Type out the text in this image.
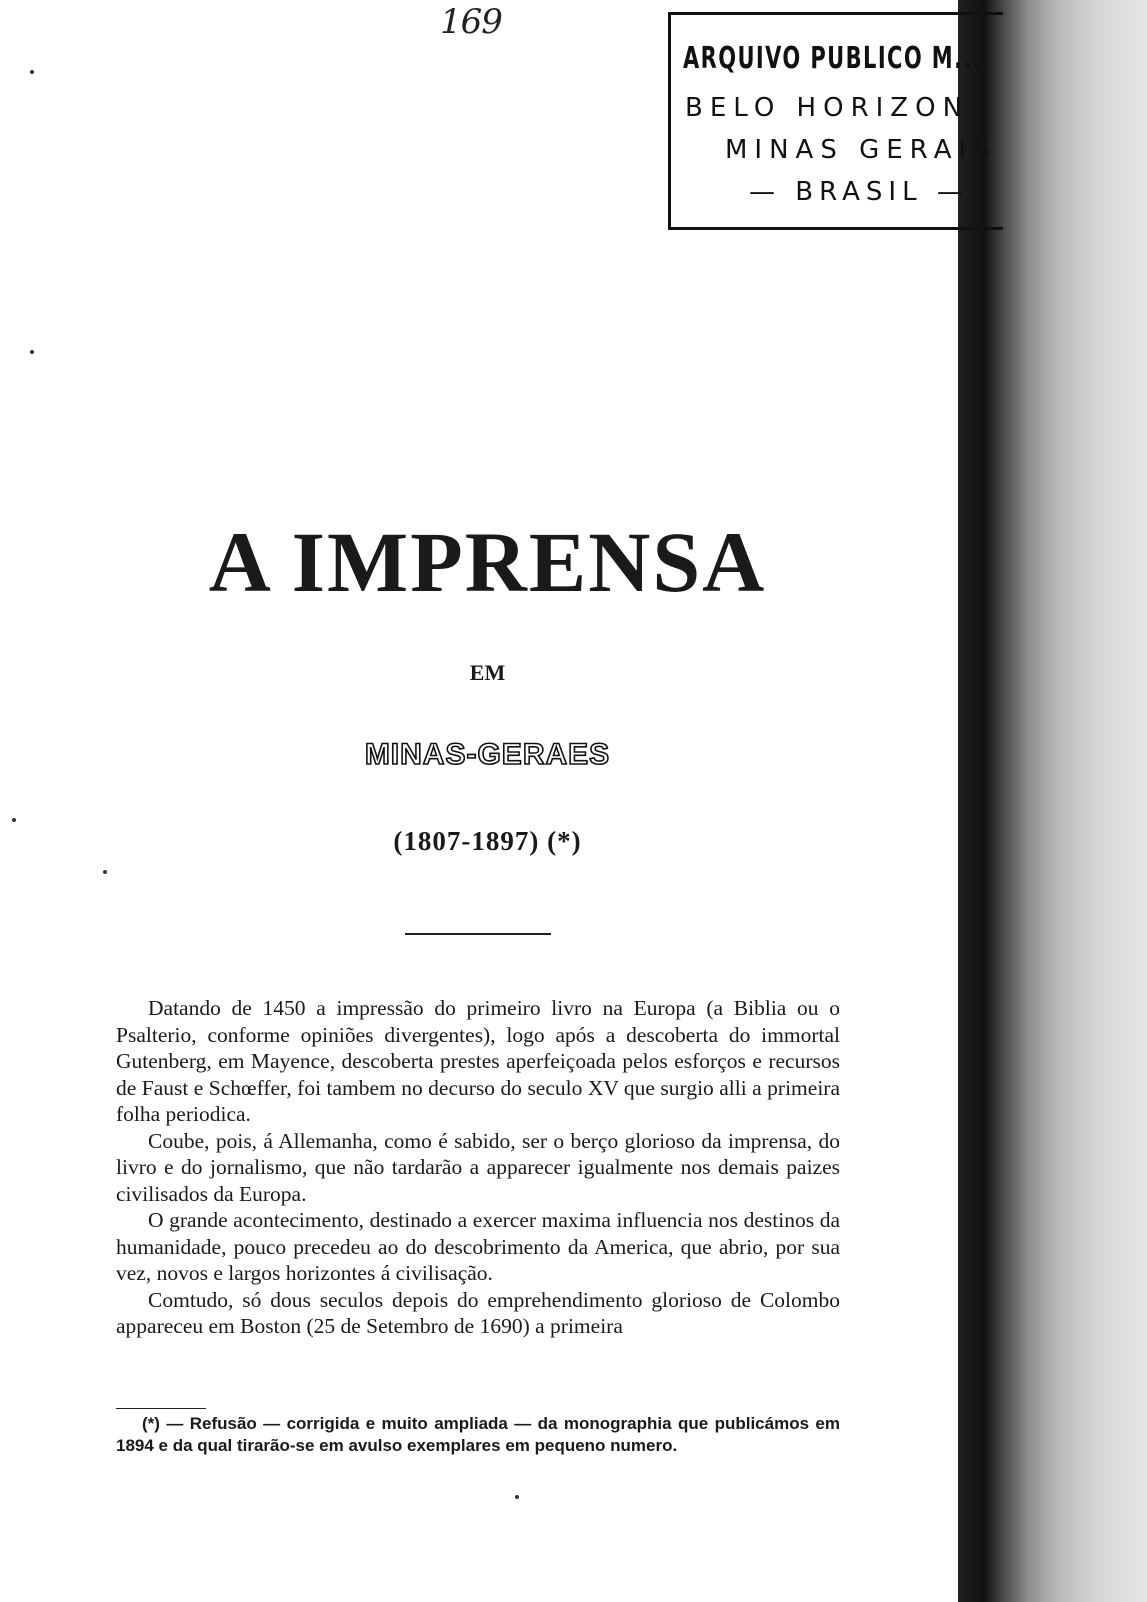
169
ARQUIVO PUBLICO M...
BELO HORIZON
MINAS GERAIS
— BRASIL —
A IMPRENSA
EM
MINAS-GERAES
(1807-1897) (*)

Datando de 1450 a impressão do primeiro livro na Europa (a Biblia ou o Psalterio, conforme opiniões divergentes), logo após a descoberta do immortal Gutenberg, em Mayence, descoberta prestes aperfeiçoada pelos esforços e recursos de Faust e Schœffer, foi tambem no decurso do seculo XV que surgio alli a primeira folha periodica.

Coube, pois, á Allemanha, como é sabido, ser o berço glorioso da imprensa, do livro e do jornalismo, que não tardarão a apparecer igualmente nos demais paizes civilisados da Europa.

O grande acontecimento, destinado a exercer maxima influencia nos destinos da humanidade, pouco precedeu ao do descobrimento da America, que abrio, por sua vez, novos e largos horizontes á civilisação.

Comtudo, só dous seculos depois do emprehendimento glorioso de Colombo appareceu em Boston (25 de Setembro de 1690) a primeira

(*) — Refusão — corrigida e muito ampliada — da monographia que publicámos em 1894 e da qual tirarão-se em avulso exemplares em pequeno numero.
